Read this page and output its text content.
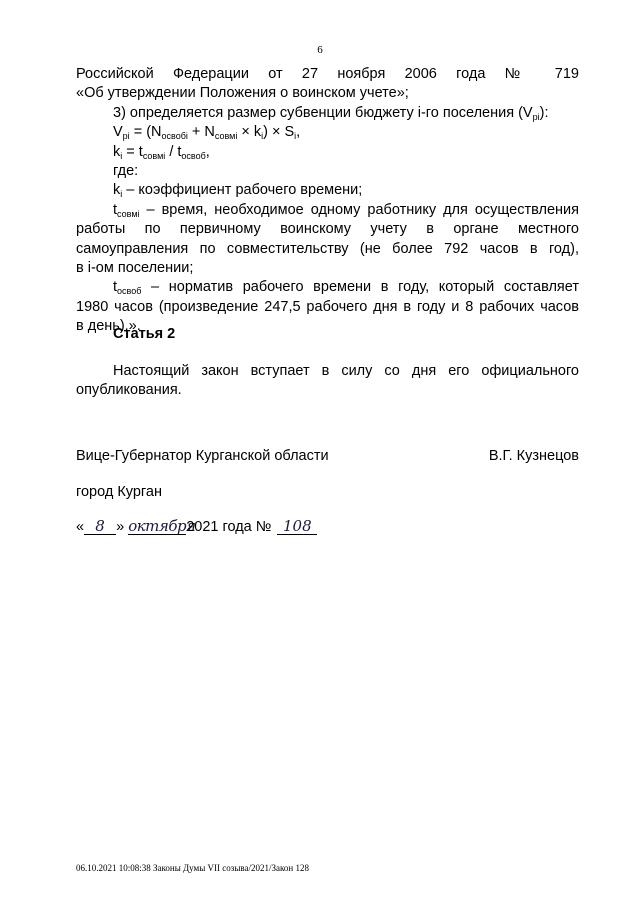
6

Российской Федерации от 27 ноября 2006 года № 719

«Об утверждении Положения о воинском учете»;

3) определяется размер субвенции бюджету i-го поселения $(V_{pi})$:

$V_{pi} = (N_{освобi} + N_{совмi} \times k_i) \times S_i$,

$k_i = t_{совмi} / t_{освоб}$,

где:

$k_i$ – коэффициент рабочего времени;

$t_{совмi}$ – время, необходимое одному работнику для осуществления

работы по первичному воинскому учету в органе местного

самоуправления по совместительству (не более 792 часов в год),

в i-ом поселении;

$t_{освоб}$ – норматив рабочего времени в году, который составляет

1980 часов (произведение 247,5 рабочего дня в году и 8 рабочих часов

в день).».

Статья 2

Настоящий закон вступает в силу со дня его официального

опубликования.

Вице-Губернатор Курганской области	В.Г. Кузнецов
город Курган
« 8 » октября2021 года № 108
06.10.2021 10:08:38 Законы Думы VII созыва/2021/Закон 128
